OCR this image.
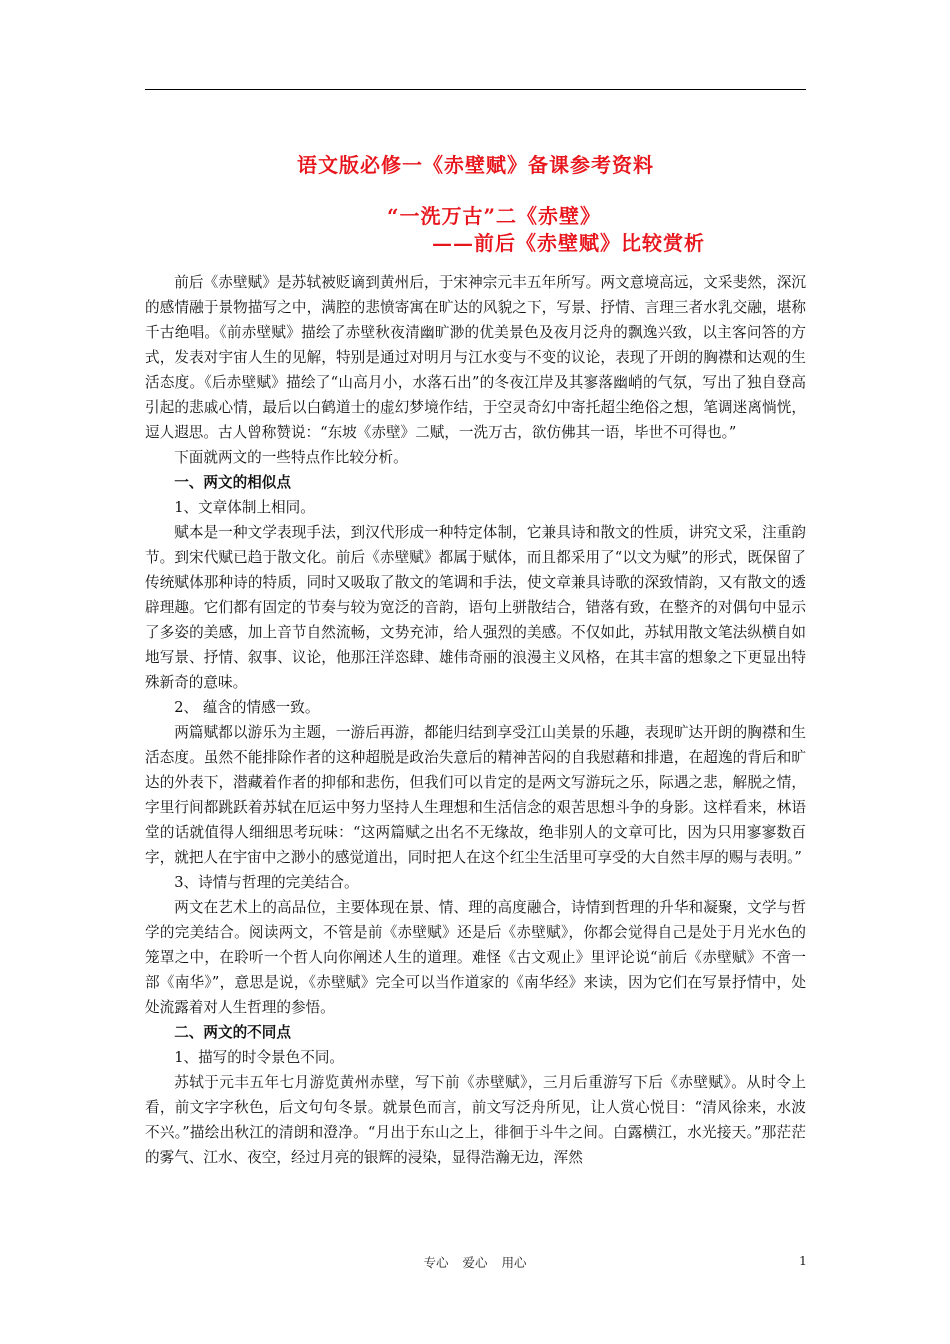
语文版必修一《赤壁赋》备课参考资料
“一洗万古”二《赤壁》
——前后《赤壁赋》比较赏析

前后《赤壁赋》是苏轼被贬谪到黄州后，于宋神宗元丰五年所写。两文意境高远，文采斐然，深沉的感情融于景物描写之中，满腔的悲愤寄寓在旷达的风貌之下，写景、抒情、言理三者水乳交融，堪称千古绝唱。《前赤壁赋》描绘了赤壁秋夜清幽旷渺的优美景色及夜月泛舟的飘逸兴致，以主客问答的方式，发表对宇宙人生的见解，特别是通过对明月与江水变与不变的议论，表现了开朗的胸襟和达观的生活态度。《后赤壁赋》描绘了“山高月小，水落石出”的冬夜江岸及其寥落幽峭的气氛，写出了独自登高引起的悲戚心情，最后以白鹤道士的虚幻梦境作结，于空灵奇幻中寄托超尘绝俗之想，笔调迷离惝恍，逗人遐思。古人曾称赞说：“东坡《赤壁》二赋，一洗万古，欲仿佛其一语，毕世不可得也。”

下面就两文的一些特点作比较分析。

一、两文的相似点

1、文章体制上相同。

赋本是一种文学表现手法，到汉代形成一种特定体制，它兼具诗和散文的性质，讲究文采，注重韵节。到宋代赋已趋于散文化。前后《赤壁赋》都属于赋体，而且都采用了“以文为赋”的形式，既保留了传统赋体那种诗的特质，同时又吸取了散文的笔调和手法，使文章兼具诗歌的深致情韵，又有散文的透辟理趣。它们都有固定的节奏与较为宽泛的音韵，语句上骈散结合，错落有致，在整齐的对偶句中显示了多姿的美感，加上音节自然流畅，文势充沛，给人强烈的美感。不仅如此，苏轼用散文笔法纵横自如地写景、抒情、叙事、议论，他那汪洋恣肆、雄伟奇丽的浪漫主义风格，在其丰富的想象之下更显出特殊新奇的意味。

2、 蕴含的情感一致。

两篇赋都以游乐为主题，一游后再游，都能归结到享受江山美景的乐趣，表现旷达开朗的胸襟和生活态度。虽然不能排除作者的这种超脱是政治失意后的精神苦闷的自我慰藉和排遣，在超逸的背后和旷达的外表下，潜藏着作者的抑郁和悲伤，但我们可以肯定的是两文写游玩之乐，际遇之悲，解脱之情，字里行间都跳跃着苏轼在厄运中努力坚持人生理想和生活信念的艰苦思想斗争的身影。这样看来，林语堂的话就值得人细细思考玩味：“这两篇赋之出名不无缘故，绝非别人的文章可比，因为只用寥寥数百字，就把人在宇宙中之渺小的感觉道出，同时把人在这个红尘生活里可享受的大自然丰厚的赐与表明。”

3、诗情与哲理的完美结合。

两文在艺术上的高品位，主要体现在景、情、理的高度融合，诗情到哲理的升华和凝聚，文学与哲学的完美结合。阅读两文，不管是前《赤壁赋》还是后《赤壁赋》，你都会觉得自己是处于月光水色的笼罩之中，在聆听一个哲人向你阐述人生的道理。难怪《古文观止》里评论说“前后《赤壁赋》不啻一部《南华》”，意思是说，《赤壁赋》完全可以当作道家的《南华经》来读，因为它们在写景抒情中，处处流露着对人生哲理的参悟。

二、两文的不同点

1、描写的时令景色不同。

苏轼于元丰五年七月游览黄州赤壁，写下前《赤壁赋》，三月后重游写下后《赤壁赋》。从时令上看，前文字字秋色，后文句句冬景。就景色而言，前文写泛舟所见，让人赏心悦目：“清风徐来，水波不兴。”描绘出秋江的清朗和澄净。“月出于东山之上，徘徊于斗牛之间。白露横江，水光接天。”那茫茫的雾气、江水、夜空，经过月亮的银辉的浸染，显得浩瀚无边，浑然

专心 爱心 用心	1
